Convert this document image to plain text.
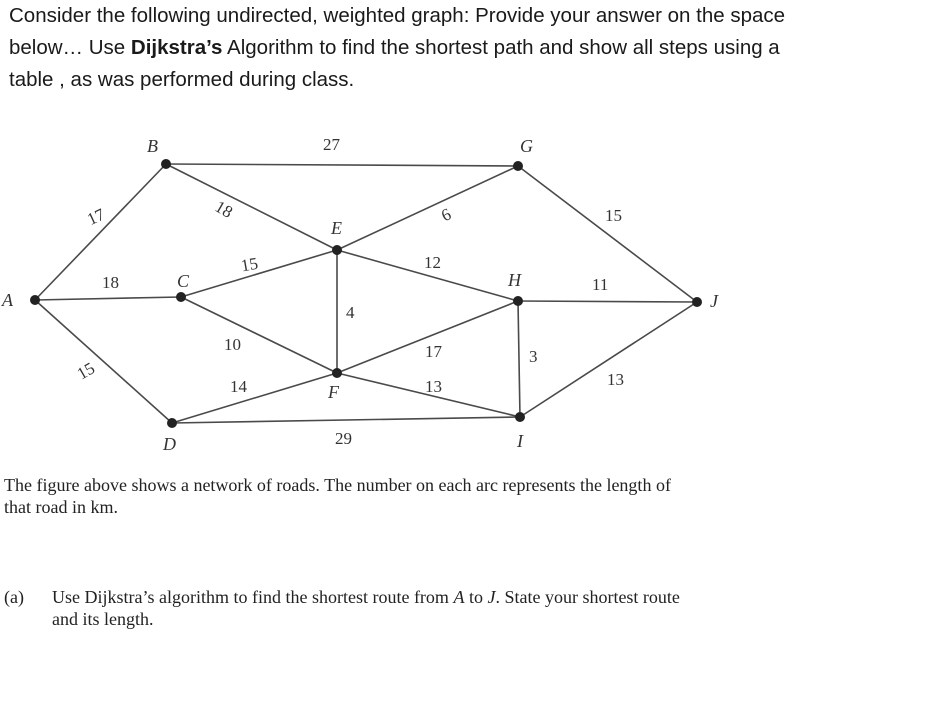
Consider the following undirected, weighted graph: Provide your answer on the space
below… Use Dijkstra’s Algorithm to find the shortest path and show all steps using a
table , as was performed during class.
A
B
C
D
E
F
G
H
I
J
27
17	18	6	15
15	12
18	11
4
10	17	3
15
14	13	13
29
The figure above shows a network of roads. The number on each arc represents the length of
that road in km.
(a) Use Dijkstra’s algorithm to find the shortest route from A to J. State your shortest route
and its length.
